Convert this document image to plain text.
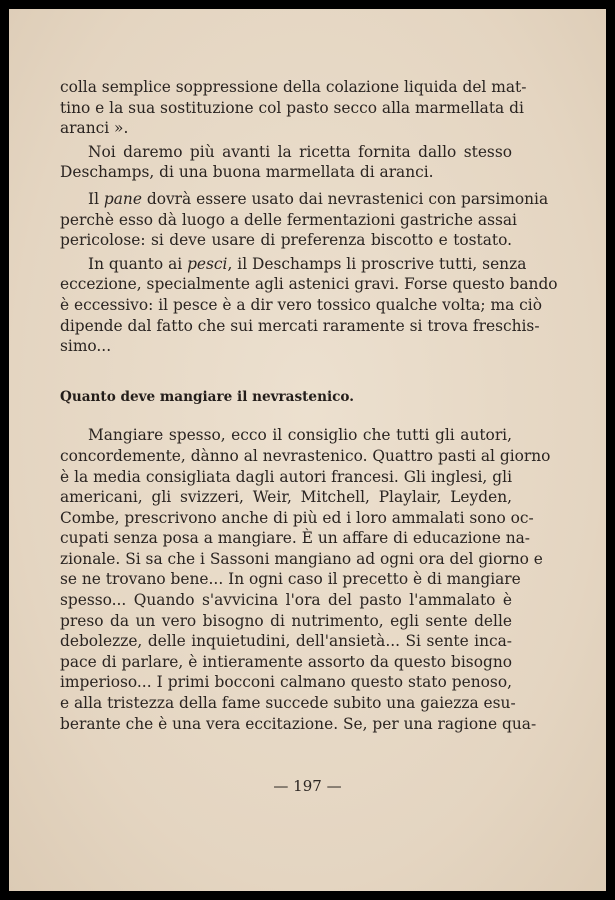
colla semplice soppressione della colazione liquida del mat-
tino e la sua sostituzione col pasto secco alla marmellata di
aranci ».
Noi daremo più avanti la ricetta fornita dallo stesso
Deschamps, di una buona marmellata di aranci.
Il pane dovrà essere usato dai nevrastenici con parsimonia
perchè esso dà luogo a delle fermentazioni gastriche assai
pericolose: si deve usare di preferenza biscotto e tostato.
In quanto ai pesci, il Deschamps li proscrive tutti, senza
eccezione, specialmente agli astenici gravi. Forse questo bando
è eccessivo: il pesce è a dir vero tossico qualche volta; ma ciò
dipende dal fatto che sui mercati raramente si trova freschis-
simo...
Quanto deve mangiare il nevrastenico.
Mangiare spesso, ecco il consiglio che tutti gli autori,
concordemente, dànno al nevrastenico. Quattro pasti al giorno
è la media consigliata dagli autori francesi. Gli inglesi, gli
americani, gli svizzeri, Weir, Mitchell, Playlair, Leyden,
Combe, prescrivono anche di più ed i loro ammalati sono oc-
cupati senza posa a mangiare. È un affare di educazione na-
zionale. Si sa che i Sassoni mangiano ad ogni ora del giorno e
se ne trovano bene... In ogni caso il precetto è di mangiare
spesso... Quando s'avvicina l'ora del pasto l'ammalato è
preso da un vero bisogno di nutrimento, egli sente delle
debolezze, delle inquietudini, dell'ansietà... Si sente inca-
pace di parlare, è intieramente assorto da questo bisogno
imperioso... I primi bocconi calmano questo stato penoso,
e alla tristezza della fame succede subito una gaiezza esu-
berante che è una vera eccitazione. Se, per una ragione qua-
— 197 —
